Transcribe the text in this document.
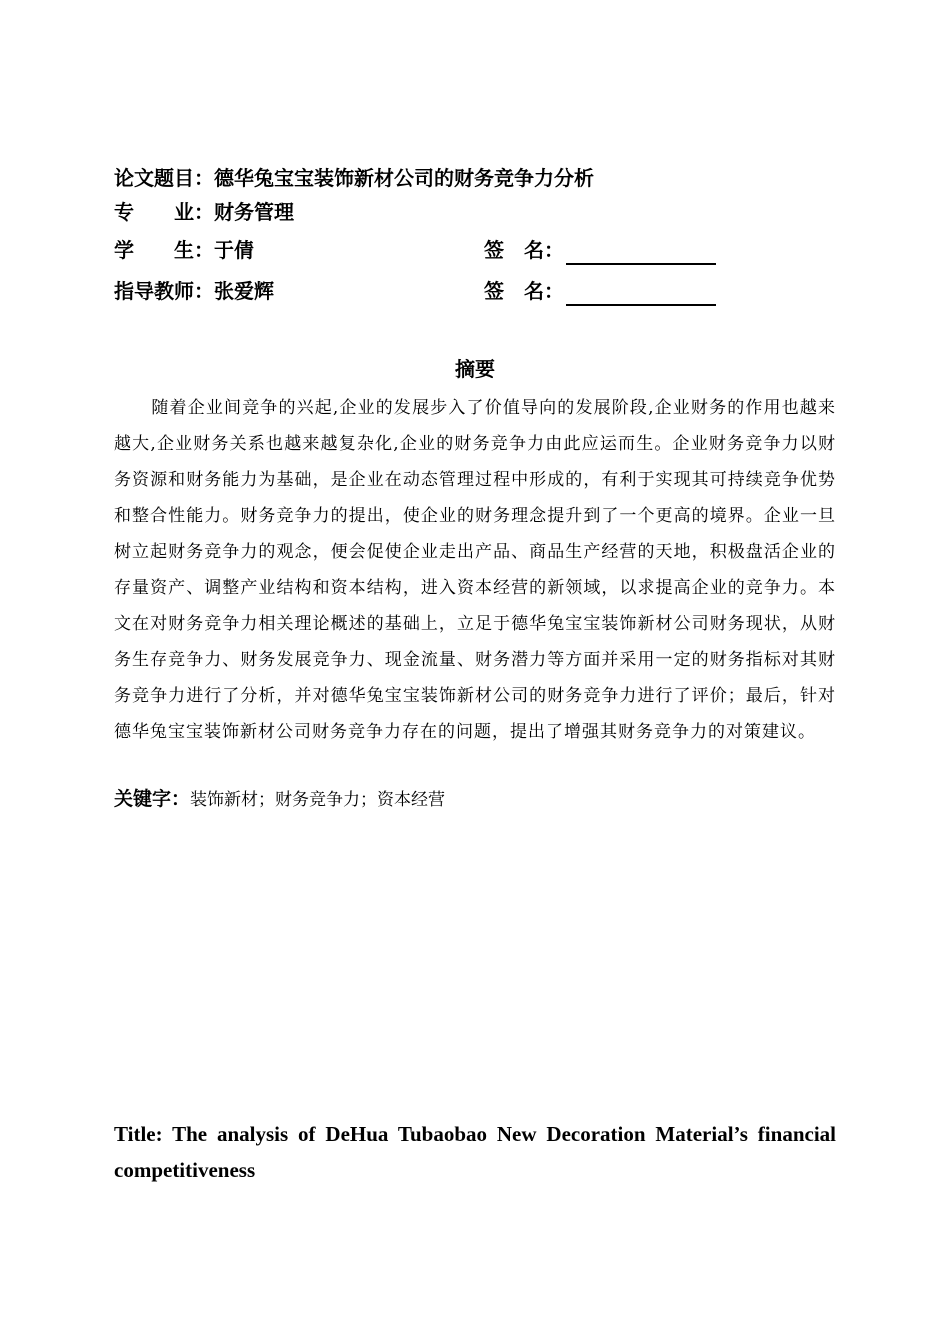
论文题目：德华兔宝宝装饰新材公司的财务竞争力分析
专　　业：财务管理
学　　生：于倩	签　名：
指导教师：张爱辉	签　名：
摘要

随着企业间竞争的兴起,企业的发展步入了价值导向的发展阶段,企业财务的作用也越来越大,企业财务关系也越来越复杂化,企业的财务竞争力由此应运而生。企业财务竞争力以财务资源和财务能力为基础，是企业在动态管理过程中形成的，有利于实现其可持续竞争优势和整合性能力。财务竞争力的提出，使企业的财务理念提升到了一个更高的境界。企业一旦树立起财务竞争力的观念，便会促使企业走出产品、商品生产经营的天地，积极盘活企业的存量资产、调整产业结构和资本结构，进入资本经营的新领域，以求提高企业的竞争力。本文在对财务竞争力相关理论概述的基础上，立足于德华兔宝宝装饰新材公司财务现状，从财务生存竞争力、财务发展竞争力、现金流量、财务潜力等方面并采用一定的财务指标对其财务竞争力进行了分析，并对德华兔宝宝装饰新材公司的财务竞争力进行了评价；最后，针对德华兔宝宝装饰新材公司财务竞争力存在的问题，提出了增强其财务竞争力的对策建议。

关键字：装饰新材；财务竞争力；资本经营

Title: The analysis of DeHua Tubaobao New Decoration Material’s financial competitiveness
